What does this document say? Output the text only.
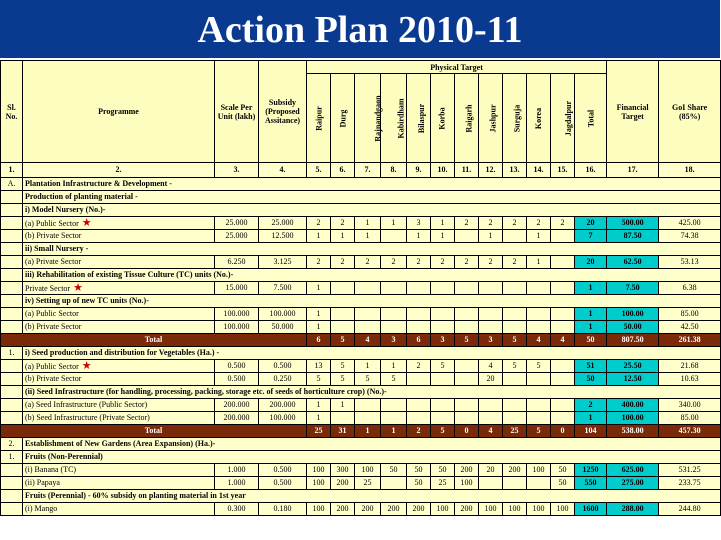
Action Plan 2010-11
Sl. No.	Programme	Scale Per Unit (lakh)	Subsidy (Proposed Assitance)	Physical Target												Financial Target	GoI Share (85%)
				Raipur	Durg	Rajnandgaon	Kabirdham	Bilaspur	Korba	Raigarh	Jashpur	Surguja	Korea	Jagdalpur	Total		
1.	2.	3.	4.	5.	6.	7.	8.	9.	10.	11.	12.	13.	14.	15.	16.	17.	18.
A.	Plantation Infrastructure & Development -																
	Production of planting material -																
	i) Model Nursery (No.)-																
	(a) Public Sector ★	25.000	25.000	2	2	1	1	3	1	2	2	2	2	2	20	500.00	425.00
	(b) Private Sector	25.000	12.500	1	1	1		1	1		1		1		7	87.50	74.38
	ii) Small Nursery -																
	(a) Private Sector	6.250	3.125	2	2	2	2	2	2	2	2	2	1		20	62.50	53.13
	iii) Rehabilitation of existing Tissue Culture (TC) units (No.)-																
	Private Sector ★	15.000	7.500	1											1	7.50	6.38
	iv) Setting up of new TC units (No.)-																
	(a) Public Sector	100.000	100.000	1											1	100.00	85.00
	(b) Private Sector	100.000	50.000	1											1	50.00	42.50
Total				6	5	4	3	6	3	5	3	5	4	4	50	807.50	261.38
1.	i) Seed production and distribution for Vegetables (Ha.) -																
	(a) Public Sector ★	0.500	0.500	13	5	1	1	2	5		4	5	5		51	25.50	21.68
	(b) Private Sector	0.500	0.250	5	5	5	5				20				50	12.50	10.63
	(ii) Seed Infrastructure (for handling, processing, packing, storage etc. of seeds of horticulture crop) (No.)-																
	(a) Seed Infrastructure (Public Sector)	200.000	200.000	1	1										2	400.00	340.00
	(b) Seed Infrastructure (Private Sector)	200.000	100.000	1											1	100.00	85.00
Total				25	31	1	1	2	5	0	4	25	5	0	104	538.00	457.30
2.	Establishment of New Gardens (Area Expansion) (Ha.)-																
1.	Fruits (Non-Perennial)																
	(i) Banana (TC)	1.000	0.500	100	300	100	50	50	50	200	20	200	100	50	1250	625.00	531.25
	(ii) Papaya	1.000	0.500	100	200	25		50	25	100				50	550	275.00	233.75
	Fruits (Perennial) - 60% subsidy on planting material in 1st year																
	(i) Mango	0.300	0.180	100	200	200	200	200	100	200	100	100	100	100	1600	288.00	244.80
